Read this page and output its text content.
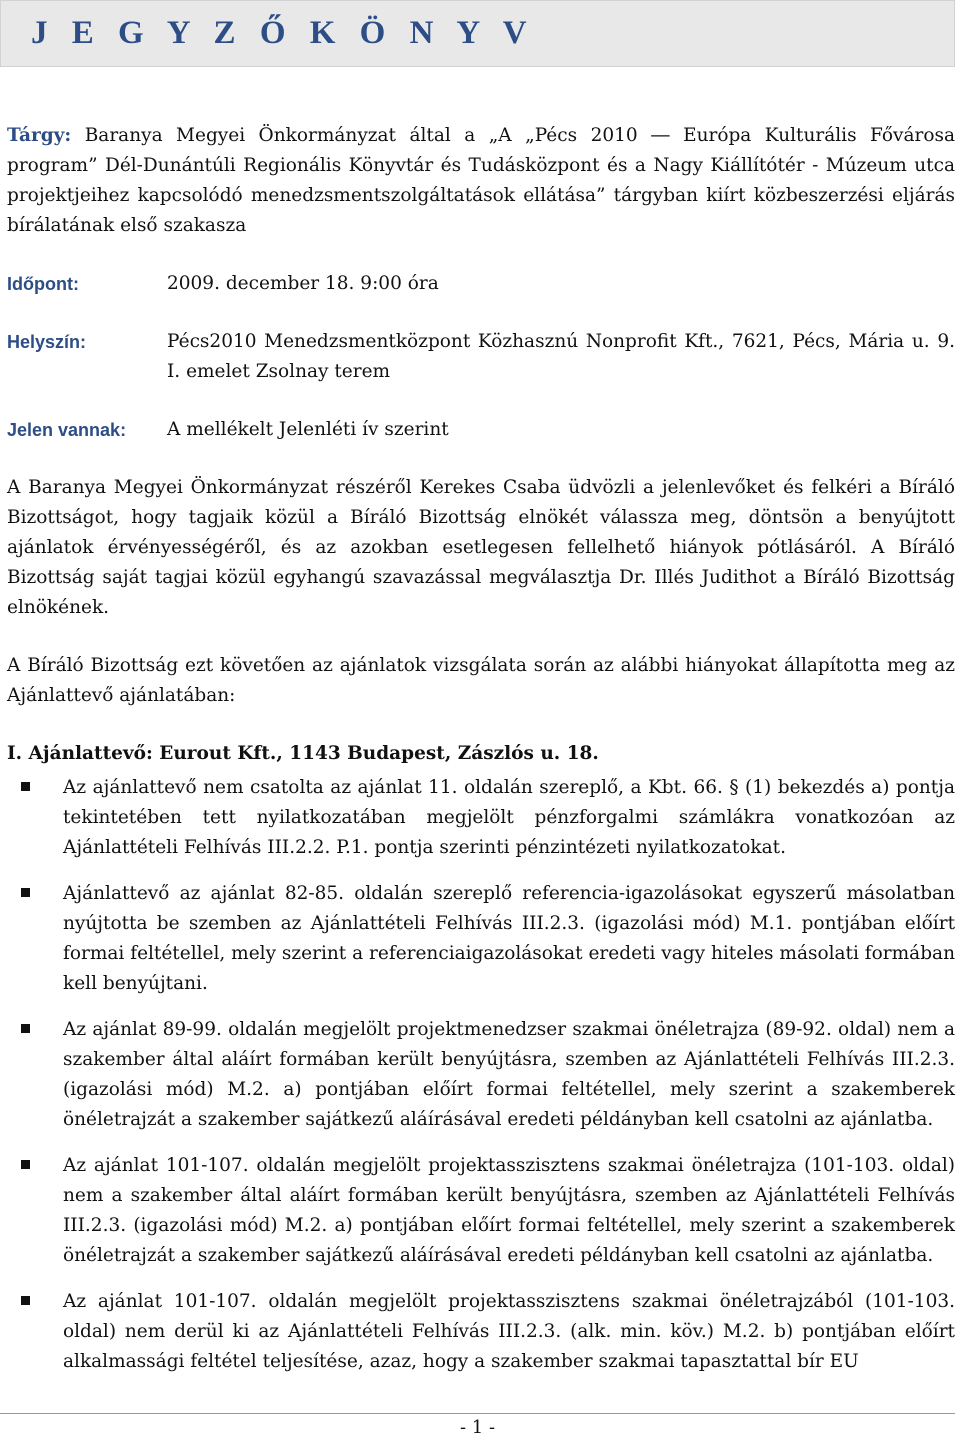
J E G Y Z Ő K Ö N Y V

Tárgy: Baranya Megyei Önkormányzat által a „A „Pécs 2010 ― Európa Kulturális Fővárosa program” Dél-Dunántúli Regionális Könyvtár és Tudásközpont és a Nagy Kiállítótér - Múzeum utca projektjeihez kapcsolódó menedzsmentszolgáltatások ellátása” tárgyban kiírt közbeszerzési eljárás bírálatának első szakasza

Időpont:	2009. december 18. 9:00 óra
Helyszín:	Pécs2010 Menedzsmentközpont Közhasznú Nonprofit Kft., 7621, Pécs, Mária u. 9. I. emelet Zsolnay terem
Jelen vannak:	A mellékelt Jelenléti ív szerint

A Baranya Megyei Önkormányzat részéről Kerekes Csaba üdvözli a jelenlevőket és felkéri a Bíráló Bizottságot, hogy tagjaik közül a Bíráló Bizottság elnökét válassza meg, döntsön a benyújtott ajánlatok érvényességéről, és az azokban esetlegesen fellelhető hiányok pótlásáról. A Bíráló Bizottság saját tagjai közül egyhangú szavazással megválasztja Dr. Illés Judithot a Bíráló Bizottság elnökének.

A Bíráló Bizottság ezt követően az ajánlatok vizsgálata során az alábbi hiányokat állapította meg az Ajánlattevő ajánlatában:

I. Ajánlattevő: Eurout Kft., 1143 Budapest, Zászlós u. 18.

Az ajánlattevő nem csatolta az ajánlat 11. oldalán szereplő, a Kbt. 66. § (1) bekezdés a) pontja tekintetében tett nyilatkozatában megjelölt pénzforgalmi számlákra vonatkozóan az Ajánlattételi Felhívás III.2.2. P.1. pontja szerinti pénzintézeti nyilatkozatokat.
Ajánlattevő az ajánlat 82-85. oldalán szereplő referencia-igazolásokat egyszerű másolatban nyújtotta be szemben az Ajánlattételi Felhívás III.2.3. (igazolási mód) M.1. pontjában előírt formai feltétellel, mely szerint a referenciaigazolásokat eredeti vagy hiteles másolati formában kell benyújtani.
Az ajánlat 89-99. oldalán megjelölt projektmenedzser szakmai önéletrajza (89-92. oldal) nem a szakember által aláírt formában került benyújtásra, szemben az Ajánlattételi Felhívás III.2.3. (igazolási mód) M.2. a) pontjában előírt formai feltétellel, mely szerint a szakemberek önéletrajzát a szakember sajátkezű aláírásával eredeti példányban kell csatolni az ajánlatba.
Az ajánlat 101-107. oldalán megjelölt projektasszisztens szakmai önéletrajza (101-103. oldal) nem a szakember által aláírt formában került benyújtásra, szemben az Ajánlattételi Felhívás III.2.3. (igazolási mód) M.2. a) pontjában előírt formai feltétellel, mely szerint a szakemberek önéletrajzát a szakember sajátkezű aláírásával eredeti példányban kell csatolni az ajánlatba.
Az ajánlat 101-107. oldalán megjelölt projektasszisztens szakmai önéletrajzából (101-103. oldal) nem derül ki az Ajánlattételi Felhívás III.2.3. (alk. min. köv.) M.2. b) pontjában előírt alkalmassági feltétel teljesítése, azaz, hogy a szakember szakmai tapasztattal bír EU
- 1 -
